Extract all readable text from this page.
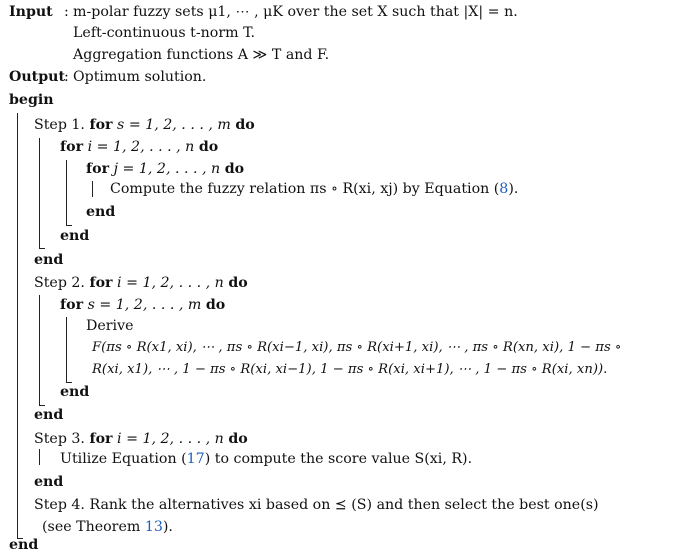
Input : m-polar fuzzy sets μ1, ⋯ , μK over the set X such that |X| = n.
Left-continuous t-norm T.
Aggregation functions A ≫ T and F.
Output
: Optimum solution.
begin
Step 1. for s = 1, 2, . . . , m do
for i = 1, 2, . . . , n do
for j = 1, 2, . . . , n do
Compute the fuzzy relation πs ∘ R(xi, xj) by Equation (8).
end
end
end
Step 2. for i = 1, 2, . . . , n do
for s = 1, 2, . . . , m do
Derive
F(πs ∘ R(x1, xi), ⋯ , πs ∘ R(xi−1, xi), πs ∘ R(xi+1, xi), ⋯ , πs ∘ R(xn, xi), 1 − πs ∘
R(xi, x1), ⋯ , 1 − πs ∘ R(xi, xi−1), 1 − πs ∘ R(xi, xi+1), ⋯ , 1 − πs ∘ R(xi, xn)).
end
end
Step 3. for i = 1, 2, . . . , n do
Utilize Equation (17) to compute the score value S(xi, R).
end
Step 4. Rank the alternatives xi based on ⪯ (S) and then select the best one(s)
(see Theorem 13).
end
